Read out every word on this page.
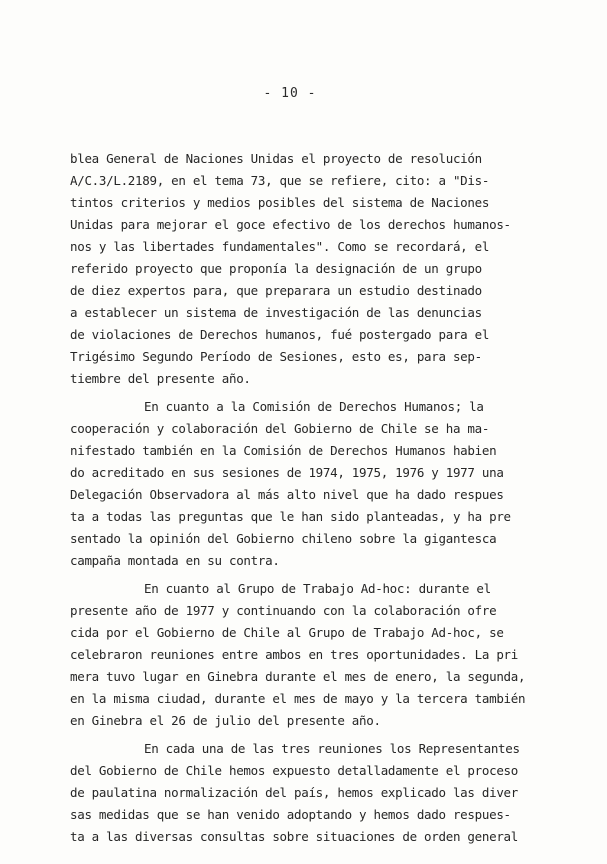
- 10 -
blea General de Naciones Unidas el proyecto de resolución
A/C.3/L.2189, en el tema 73, que se refiere, cito: a "Dis-
tintos criterios y medios posibles del sistema de Naciones
Unidas para mejorar el goce efectivo de los derechos humanos-
nos y las libertades fundamentales". Como se recordará, el
referido proyecto que proponía la designación de un grupo
de diez expertos para, que preparara un estudio destinado
a establecer un sistema de investigación de las denuncias
de violaciones de Derechos humanos, fué postergado para el
Trigésimo Segundo Período de Sesiones, esto es, para sep-
tiembre del presente año.
En cuanto a la Comisión de Derechos Humanos; la
cooperación y colaboración del Gobierno de Chile se ha ma-
nifestado también en la Comisión de Derechos Humanos habien
do acreditado en sus sesiones de 1974, 1975, 1976 y 1977 una
Delegación Observadora al más alto nivel que ha dado respues
ta a todas las preguntas que le han sido planteadas, y ha pre
sentado la opinión del Gobierno chileno sobre la gigantesca
campaña montada en su contra.
En cuanto al Grupo de Trabajo Ad-hoc: durante el
presente año de 1977 y continuando con la colaboración ofre
cida por el Gobierno de Chile al Grupo de Trabajo Ad-hoc, se
celebraron reuniones entre ambos en tres oportunidades. La pri
mera tuvo lugar en Ginebra durante el mes de enero, la segunda,
en la misma ciudad, durante el mes de mayo y la tercera también
en Ginebra el 26 de julio del presente año.
En cada una de las tres reuniones los Representantes
del Gobierno de Chile hemos expuesto detalladamente el proceso
de paulatina normalización del país, hemos explicado las diver
sas medidas que se han venido adoptando y hemos dado respues-
ta a las diversas consultas sobre situaciones de orden general
